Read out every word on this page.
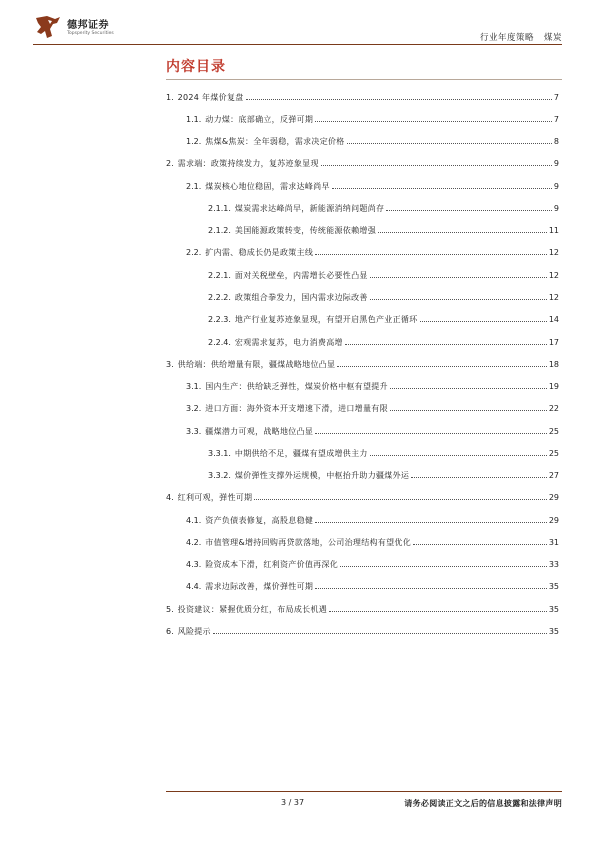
德邦证券
Topsperity Securities	行业年度策略 煤炭
内容目录
1. 2024 年煤价复盘	7
1.1. 动力煤：底部确立，反弹可期	7
1.2. 焦煤&焦炭：全年弱稳，需求决定价格	8
2. 需求端：政策持续发力，复苏迹象显现	9
2.1. 煤炭核心地位稳固，需求达峰尚早	9
2.1.1. 煤炭需求达峰尚早，新能源消纳问题尚存	9
2.1.2. 美国能源政策转变，传统能源依赖增强	11
2.2. 扩内需、稳成长仍是政策主线	12
2.2.1. 面对关税壁垒，内需增长必要性凸显	12
2.2.2. 政策组合拳发力，国内需求边际改善	12
2.2.3. 地产行业复苏迹象显现，有望开启黑色产业正循环	14
2.2.4. 宏观需求复苏，电力消费高增	17
3. 供给端：供给增量有限，疆煤战略地位凸显	18
3.1. 国内生产：供给缺乏弹性，煤炭价格中枢有望提升	19
3.2. 进口方面：海外资本开支增速下滑，进口增量有限	22
3.3. 疆煤潜力可观，战略地位凸显	25
3.3.1. 中期供给不足，疆煤有望成增供主力	25
3.3.2. 煤价弹性支撑外运规模，中枢抬升助力疆煤外运	27
4. 红利可观，弹性可期	29
4.1. 资产负债表修复，高股息稳健	29
4.2. 市值管理&增持回购再贷款落地，公司治理结构有望优化	31
4.3. 险资成本下滑，红利资产价值再深化	33
4.4. 需求边际改善，煤价弹性可期	35
5. 投资建议：紧握优质分红，布局成长机遇	35
6. 风险提示	35
3 / 37	请务必阅读正文之后的信息披露和法律声明
